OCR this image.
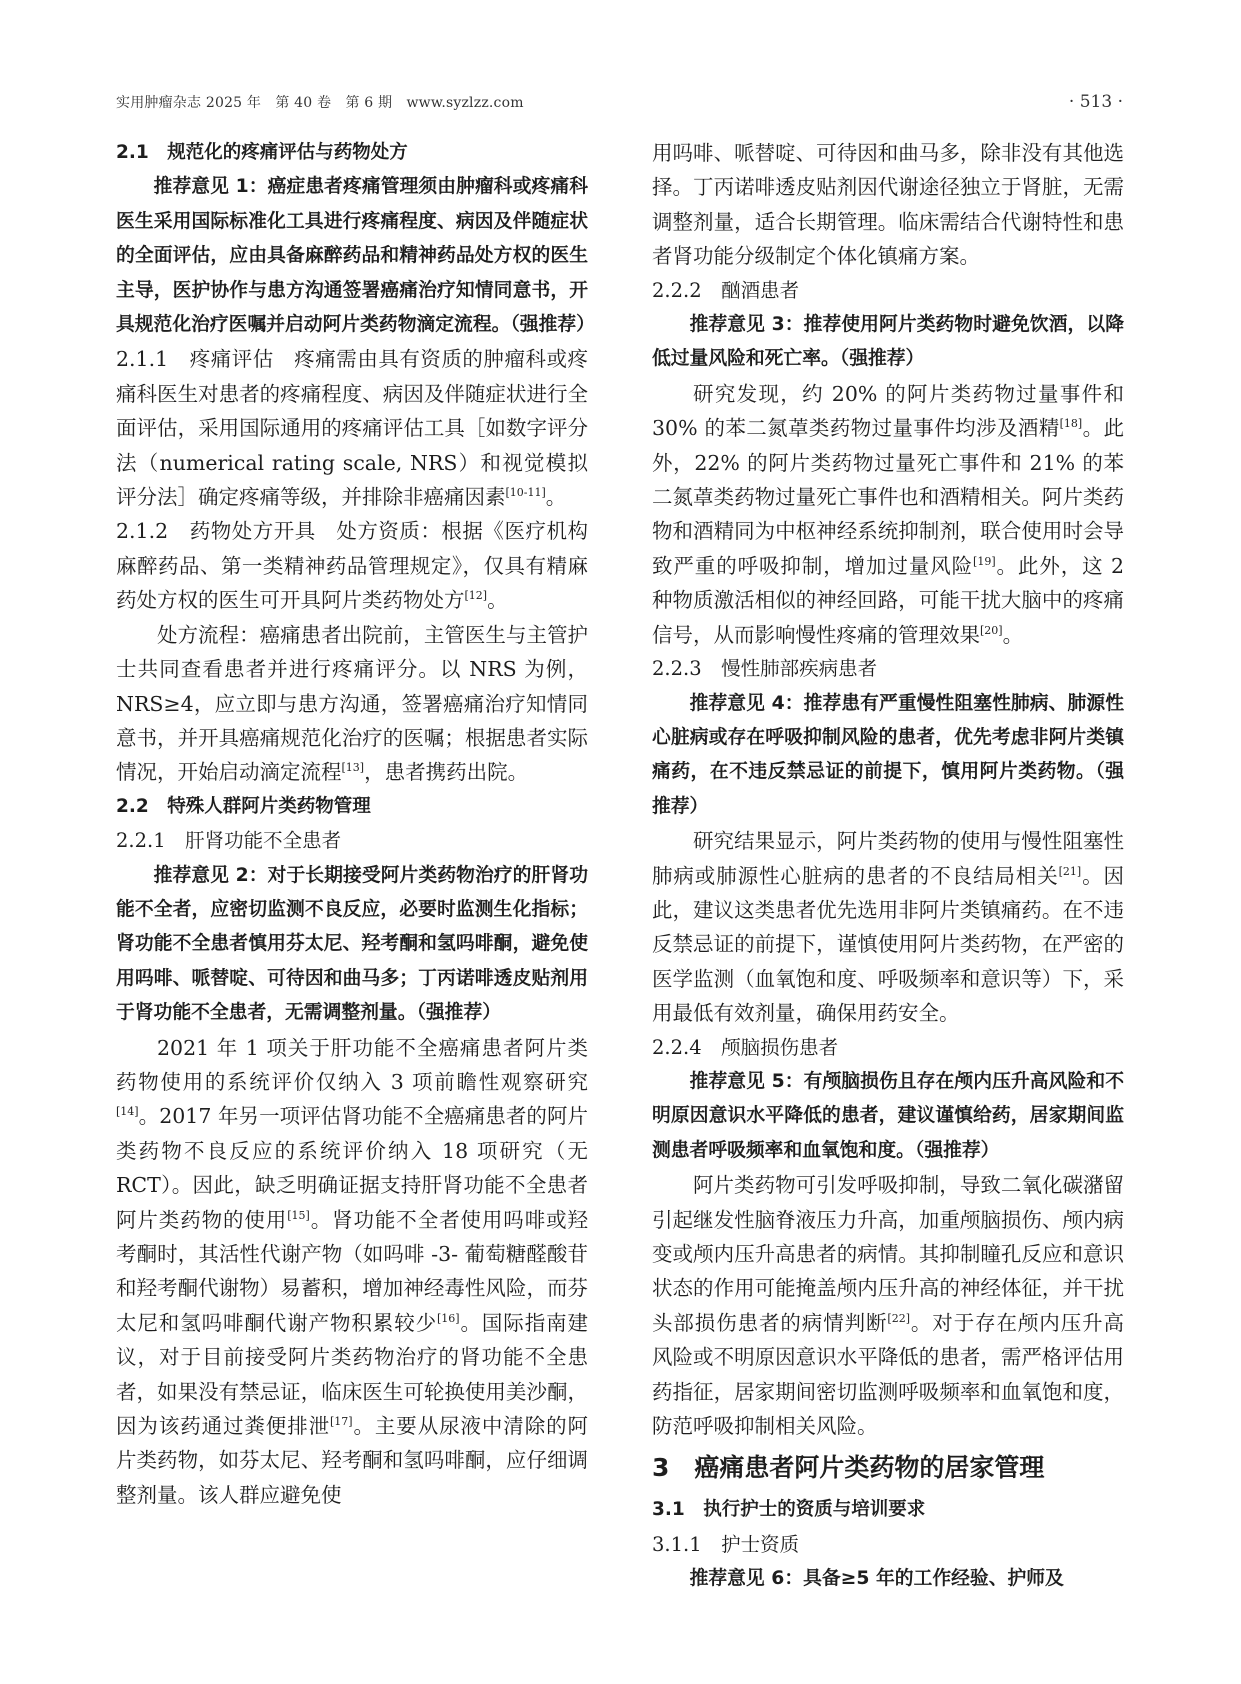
实用肿瘤杂志 2025 年　第 40 卷　第 6 期　www.syzlzz.com	· 513 ·

2.1　规范化的疼痛评估与药物处方

推荐意见 1：癌症患者疼痛管理须由肿瘤科或疼痛科医生采用国际标准化工具进行疼痛程度、病因及伴随症状的全面评估，应由具备麻醉药品和精神药品处方权的医生主导，医护协作与患方沟通签署癌痛治疗知情同意书，开具规范化治疗医嘱并启动阿片类药物滴定流程。（强推荐）

2.1.1　疼痛评估 疼痛需由具有资质的肿瘤科或疼痛科医生对患者的疼痛程度、病因及伴随症状进行全面评估，采用国际通用的疼痛评估工具［如数字评分法（numerical rating scale, NRS）和视觉模拟评分法］确定疼痛等级，并排除非癌痛因素[10-11]。

2.1.2　药物处方开具 处方资质：根据《医疗机构麻醉药品、第一类精神药品管理规定》，仅具有精麻药处方权的医生可开具阿片类药物处方[12]。

处方流程：癌痛患者出院前，主管医生与主管护士共同查看患者并进行疼痛评分。以 NRS 为例，NRS≥4，应立即与患方沟通，签署癌痛治疗知情同意书，并开具癌痛规范化治疗的医嘱；根据患者实际情况，开始启动滴定流程[13]，患者携药出院。

2.2　特殊人群阿片类药物管理

2.2.1　肝肾功能不全患者

推荐意见 2：对于长期接受阿片类药物治疗的肝肾功能不全者，应密切监测不良反应，必要时监测生化指标；肾功能不全患者慎用芬太尼、羟考酮和氢吗啡酮，避免使用吗啡、哌替啶、可待因和曲马多；丁丙诺啡透皮贴剂用于肾功能不全患者，无需调整剂量。（强推荐）

2021 年 1 项关于肝功能不全癌痛患者阿片类药物使用的系统评价仅纳入 3 项前瞻性观察研究[14]。2017 年另一项评估肾功能不全癌痛患者的阿片类药物不良反应的系统评价纳入 18 项研究（无 RCT）。因此，缺乏明确证据支持肝肾功能不全患者阿片类药物的使用[15]。肾功能不全者使用吗啡或羟考酮时，其活性代谢产物（如吗啡 -3- 葡萄糖醛酸苷和羟考酮代谢物）易蓄积，增加神经毒性风险，而芬太尼和氢吗啡酮代谢产物积累较少[16]。国际指南建议，对于目前接受阿片类药物治疗的肾功能不全患者，如果没有禁忌证，临床医生可轮换使用美沙酮，因为该药通过粪便排泄[17]。主要从尿液中清除的阿片类药物，如芬太尼、羟考酮和氢吗啡酮，应仔细调整剂量。该人群应避免使

用吗啡、哌替啶、可待因和曲马多，除非没有其他选择。丁丙诺啡透皮贴剂因代谢途径独立于肾脏，无需调整剂量，适合长期管理。临床需结合代谢特性和患者肾功能分级制定个体化镇痛方案。

2.2.2　酗酒患者

推荐意见 3：推荐使用阿片类药物时避免饮酒，以降低过量风险和死亡率。（强推荐）

研究发现，约 20% 的阿片类药物过量事件和 30% 的苯二氮䓬类药物过量事件均涉及酒精[18]。此外，22% 的阿片类药物过量死亡事件和 21% 的苯二氮䓬类药物过量死亡事件也和酒精相关。阿片类药物和酒精同为中枢神经系统抑制剂，联合使用时会导致严重的呼吸抑制，增加过量风险[19]。此外，这 2 种物质激活相似的神经回路，可能干扰大脑中的疼痛信号，从而影响慢性疼痛的管理效果[20]。

2.2.3　慢性肺部疾病患者

推荐意见 4：推荐患有严重慢性阻塞性肺病、肺源性心脏病或存在呼吸抑制风险的患者，优先考虑非阿片类镇痛药，在不违反禁忌证的前提下，慎用阿片类药物。（强推荐）

研究结果显示，阿片类药物的使用与慢性阻塞性肺病或肺源性心脏病的患者的不良结局相关[21]。因此，建议这类患者优先选用非阿片类镇痛药。在不违反禁忌证的前提下，谨慎使用阿片类药物，在严密的医学监测（血氧饱和度、呼吸频率和意识等）下，采用最低有效剂量，确保用药安全。

2.2.4　颅脑损伤患者

推荐意见 5：有颅脑损伤且存在颅内压升高风险和不明原因意识水平降低的患者，建议谨慎给药，居家期间监测患者呼吸频率和血氧饱和度。（强推荐）

阿片类药物可引发呼吸抑制，导致二氧化碳潴留引起继发性脑脊液压力升高，加重颅脑损伤、颅内病变或颅内压升高患者的病情。其抑制瞳孔反应和意识状态的作用可能掩盖颅内压升高的神经体征，并干扰头部损伤患者的病情判断[22]。对于存在颅内压升高风险或不明原因意识水平降低的患者，需严格评估用药指征，居家期间密切监测呼吸频率和血氧饱和度，防范呼吸抑制相关风险。

3　癌痛患者阿片类药物的居家管理

3.1　执行护士的资质与培训要求

3.1.1　护士资质

推荐意见 6：具备≥5 年的工作经验、护师及
